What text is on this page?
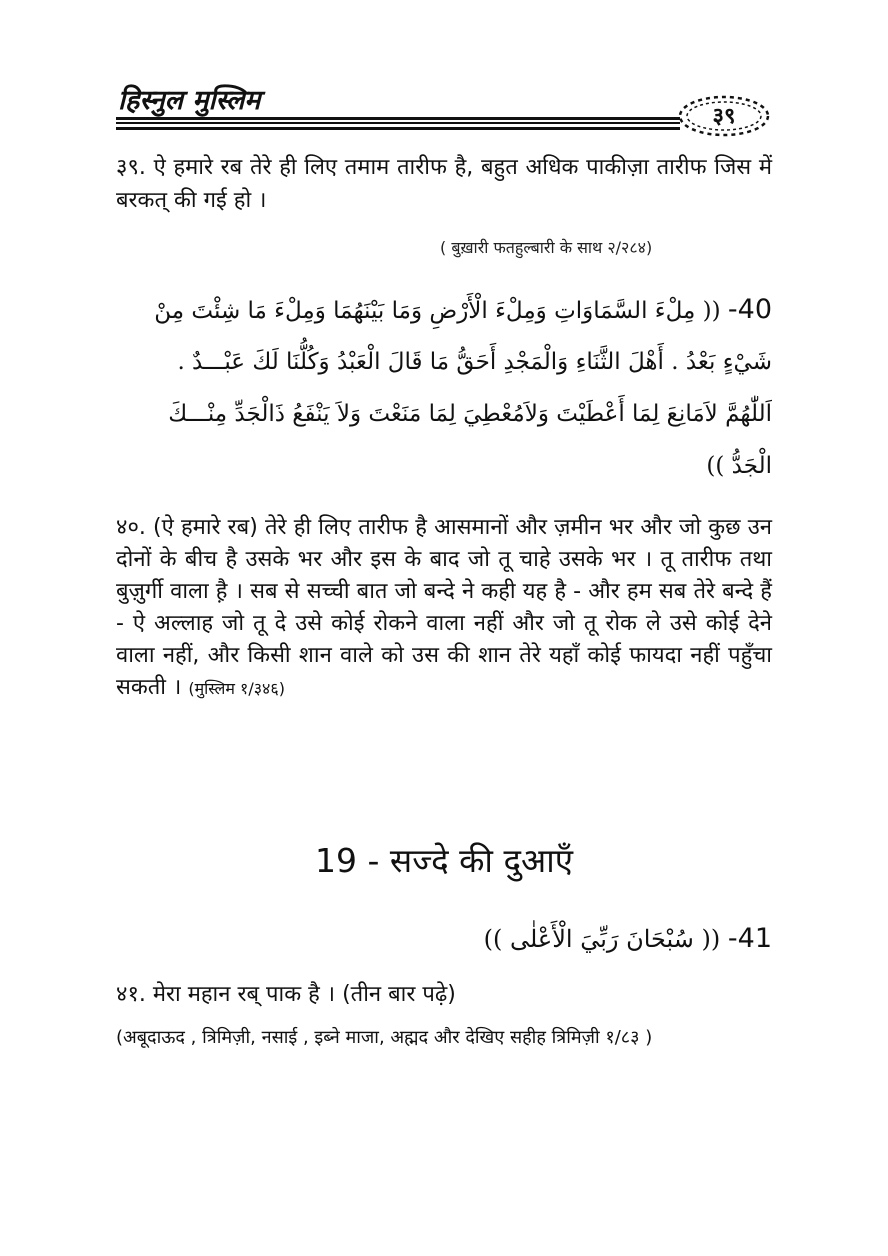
हिस्नुल मुस्लिम
३९
३९. ऐ हमारे रब तेरे ही लिए तमाम तारीफ है, बहुत अधिक पाकीज़ा तारीफ जिस में बरकत् की गई हो ।
( बुख़ारी फतहुल्बारी के साथ २/२८४)
40- (( مِلْءَ السَّمَاوَاتِ وَمِلْءَ الْأَرْضِ وَمَا بَيْنَهُمَا وَمِلْءَ مَا شِئْتَ مِنْ
شَيْءٍ بَعْدُ . أَهْلَ الثَّنَاءِ وَالْمَجْدِ أَحَقُّ مَا قَالَ الْعَبْدُ وَكُلُّنَا لَكَ عَبْـــدٌ .
اَللّٰهُمَّ لاَمَانِعَ لِمَا أَعْطَيْتَ وَلاَمُعْطِيَ لِمَا مَنَعْتَ وَلاَ يَنْفَعُ ذَالْجَدِّ مِنْـــكَ
الْجَدُّ ))
४०. (ऐ हमारे रब) तेरे ही लिए तारीफ है आसमानों और ज़मीन भर और जो कुछ उन दोनों के बीच है उसके भर और इस के बाद जो तू चाहे उसके भर । तू तारीफ तथा बुज़ुर्गी वाला है़ । सब से सच्ची बात जो बन्दे ने कही यह है - और हम सब तेरे बन्दे हैं - ऐ अल्लाह जो तू दे उसे कोई रोकने वाला नहीं और जो तू रोक ले उसे कोई देने वाला नहीं, और किसी शान वाले को उस की शान तेरे यहाँ कोई फायदा नहीं पहुँचा सकती । (मुस्लिम १/३४६)
19 - सज्दे की दुआएँ
41- (( سُبْحَانَ رَبِّيَ الْأَعْلٰى ))
४१. मेरा महान रब् पाक है । (तीन बार पढ़े)
(अबूदाऊद , त्रिमिज़ी, नसाई , इब्ने माजा, अह्मद और देखिए सहीह त्रिमिज़ी १/८३ )
